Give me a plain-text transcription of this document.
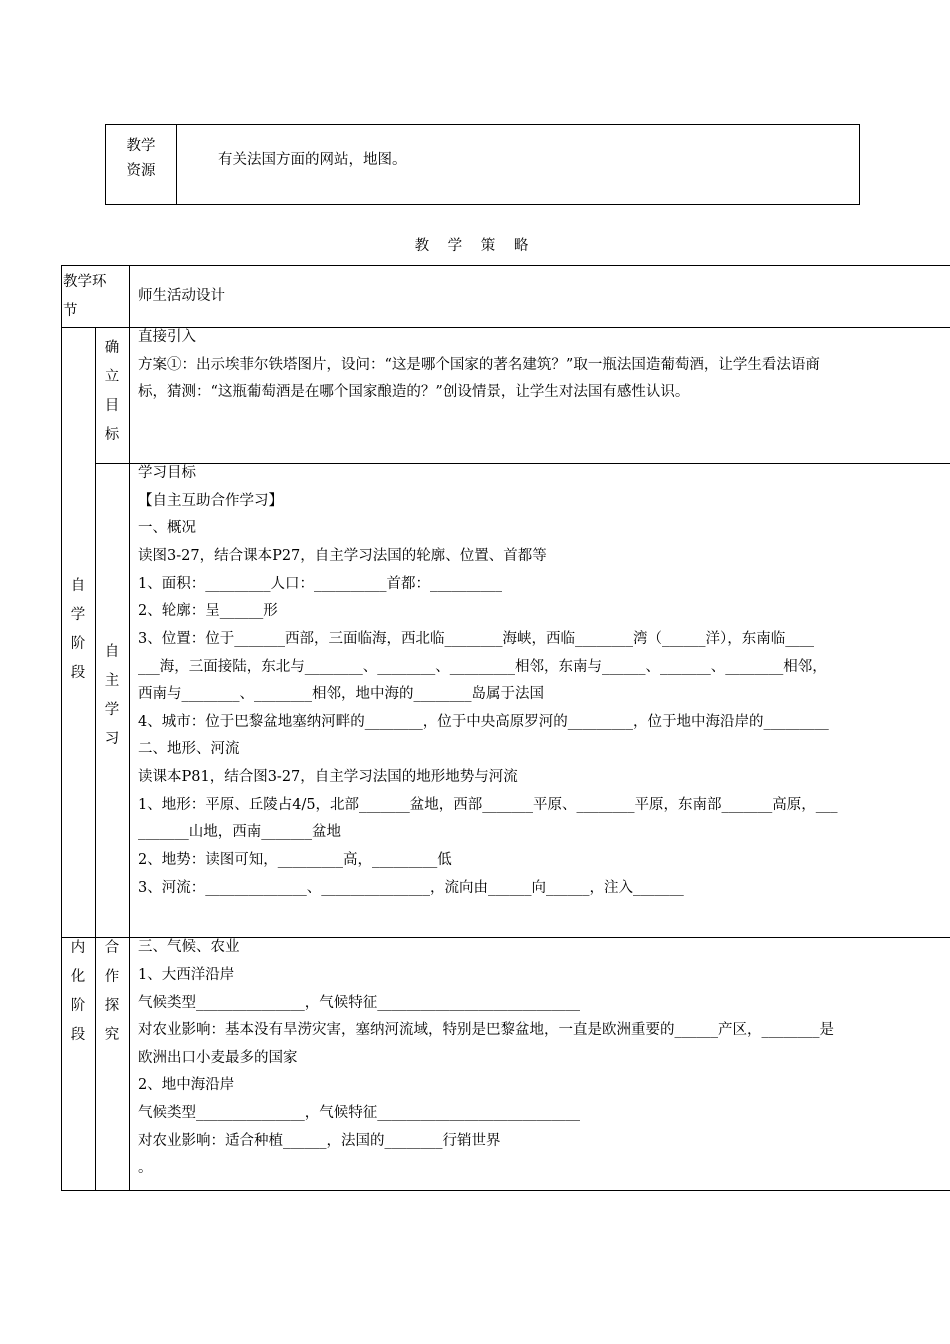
教学
资源
有关法国方面的网站，地图。
教 学 策 略
教学环
节
师生活动设计
自
学
阶
段
内
化
阶
段
确
立
目
标
自
主
学
习
合
作
探
究
直接引入
方案①：出示埃菲尔铁塔图片，设问：“这是哪个国家的著名建筑？”取一瓶法国造葡萄酒，让学生看法语商
标，猜测：“这瓶葡萄酒是在哪个国家酿造的？”创设情景，让学生对法国有感性认识。
学习目标
【自主互助合作学习】
一、概况
读图3-27，结合课本P27，自主学习法国的轮廓、位置、首都等
1、面积：_________人口：__________首都：__________
2、轮廓：呈______形
3、位置：位于_______西部，三面临海，西北临________海峡，西临________湾（______洋），东南临____
___海，三面接陆，东北与________、________、_________相邻，东南与______、_______、________相邻，
西南与________、________相邻，地中海的________岛属于法国
4、城市：位于巴黎盆地塞纳河畔的________，位于中央高原罗河的_________，位于地中海沿岸的_________
二、地形、河流
读课本P81，结合图3-27，自主学习法国的地形地势与河流
1、地形：平原、丘陵占4/5，北部_______盆地，西部_______平原、________平原，东南部_______高原，___
_______山地，西南_______盆地
2、地势：读图可知，_________高，_________低
3、河流：______________、_______________，流向由______向______，注入_______
三、气候、农业
1、大西洋沿岸
气候类型_______________，气候特征____________________________
对农业影响：基本没有旱涝灾害，塞纳河流域，特别是巴黎盆地，一直是欧洲重要的______产区，________是
欧洲出口小麦最多的国家
2、地中海沿岸
气候类型_______________，气候特征____________________________
对农业影响：适合种植______，法国的________行销世界
。
